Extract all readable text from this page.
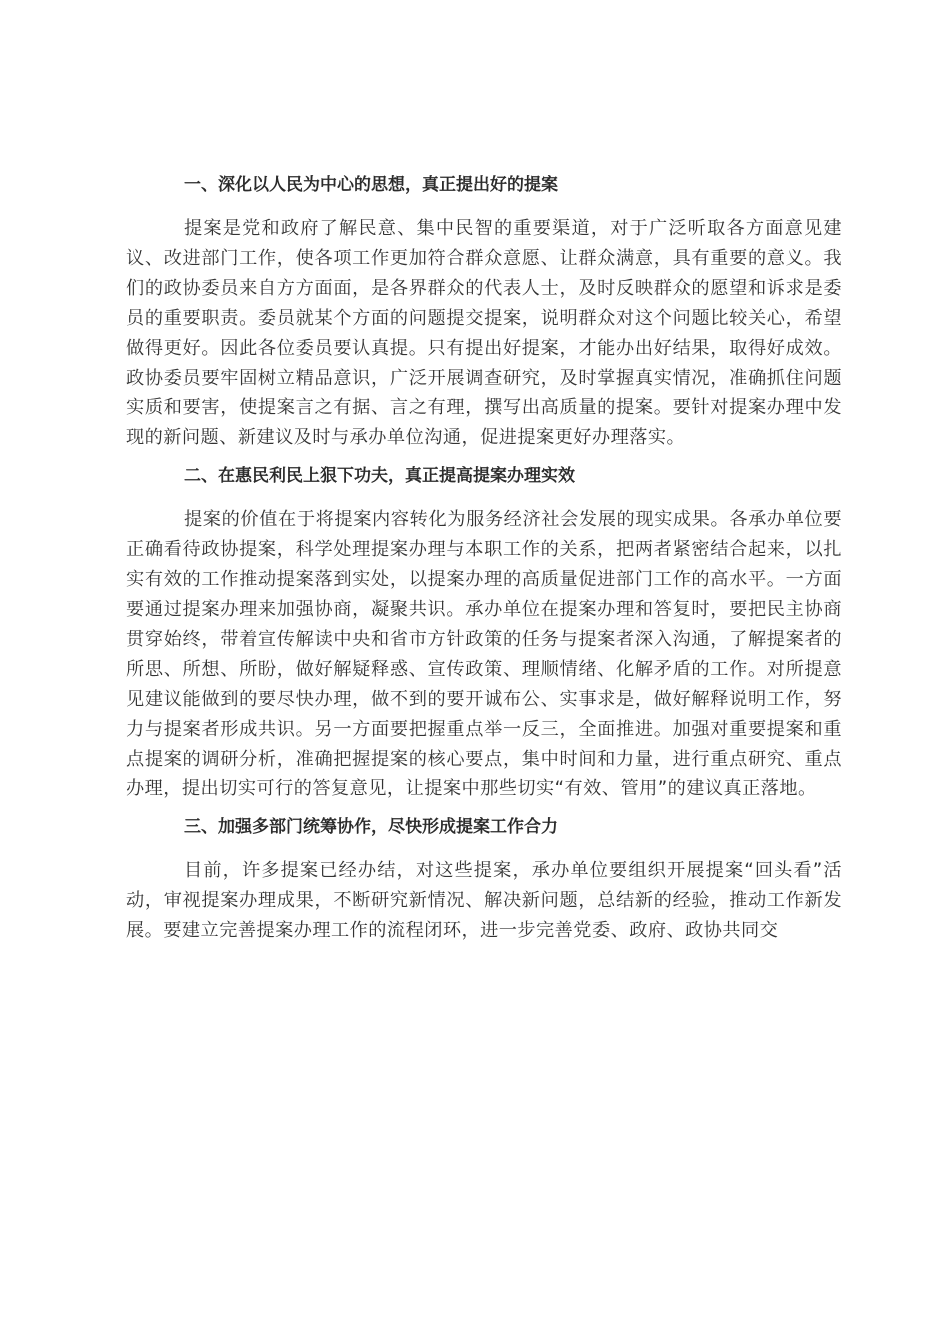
一、深化以人民为中心的思想，真正提出好的提案

提案是党和政府了解民意、集中民智的重要渠道，对于广泛听取各方面意见建议、改进部门工作，使各项工作更加符合群众意愿、让群众满意，具有重要的意义。我们的政协委员来自方方面面，是各界群众的代表人士，及时反映群众的愿望和诉求是委员的重要职责。委员就某个方面的问题提交提案，说明群众对这个问题比较关心，希望做得更好。因此各位委员要认真提。只有提出好提案，才能办出好结果，取得好成效。政协委员要牢固树立精品意识，广泛开展调查研究，及时掌握真实情况，准确抓住问题实质和要害，使提案言之有据、言之有理，撰写出高质量的提案。要针对提案办理中发现的新问题、新建议及时与承办单位沟通，促进提案更好办理落实。

二、在惠民利民上狠下功夫，真正提高提案办理实效

提案的价值在于将提案内容转化为服务经济社会发展的现实成果。各承办单位要正确看待政协提案，科学处理提案办理与本职工作的关系，把两者紧密结合起来，以扎实有效的工作推动提案落到实处，以提案办理的高质量促进部门工作的高水平。一方面要通过提案办理来加强协商，凝聚共识。承办单位在提案办理和答复时，要把民主协商贯穿始终，带着宣传解读中央和省市方针政策的任务与提案者深入沟通，了解提案者的所思、所想、所盼，做好解疑释惑、宣传政策、理顺情绪、化解矛盾的工作。对所提意见建议能做到的要尽快办理，做不到的要开诚布公、实事求是，做好解释说明工作，努力与提案者形成共识。另一方面要把握重点举一反三，全面推进。加强对重要提案和重点提案的调研分析，准确把握提案的核心要点，集中时间和力量，进行重点研究、重点办理，提出切实可行的答复意见，让提案中那些切实“有效、管用”的建议真正落地。

三、加强多部门统筹协作，尽快形成提案工作合力

目前，许多提案已经办结，对这些提案，承办单位要组织开展提案“回头看”活动，审视提案办理成果，不断研究新情况、解决新问题，总结新的经验，推动工作新发展。要建立完善提案办理工作的流程闭环，进一步完善党委、政府、政协共同交
